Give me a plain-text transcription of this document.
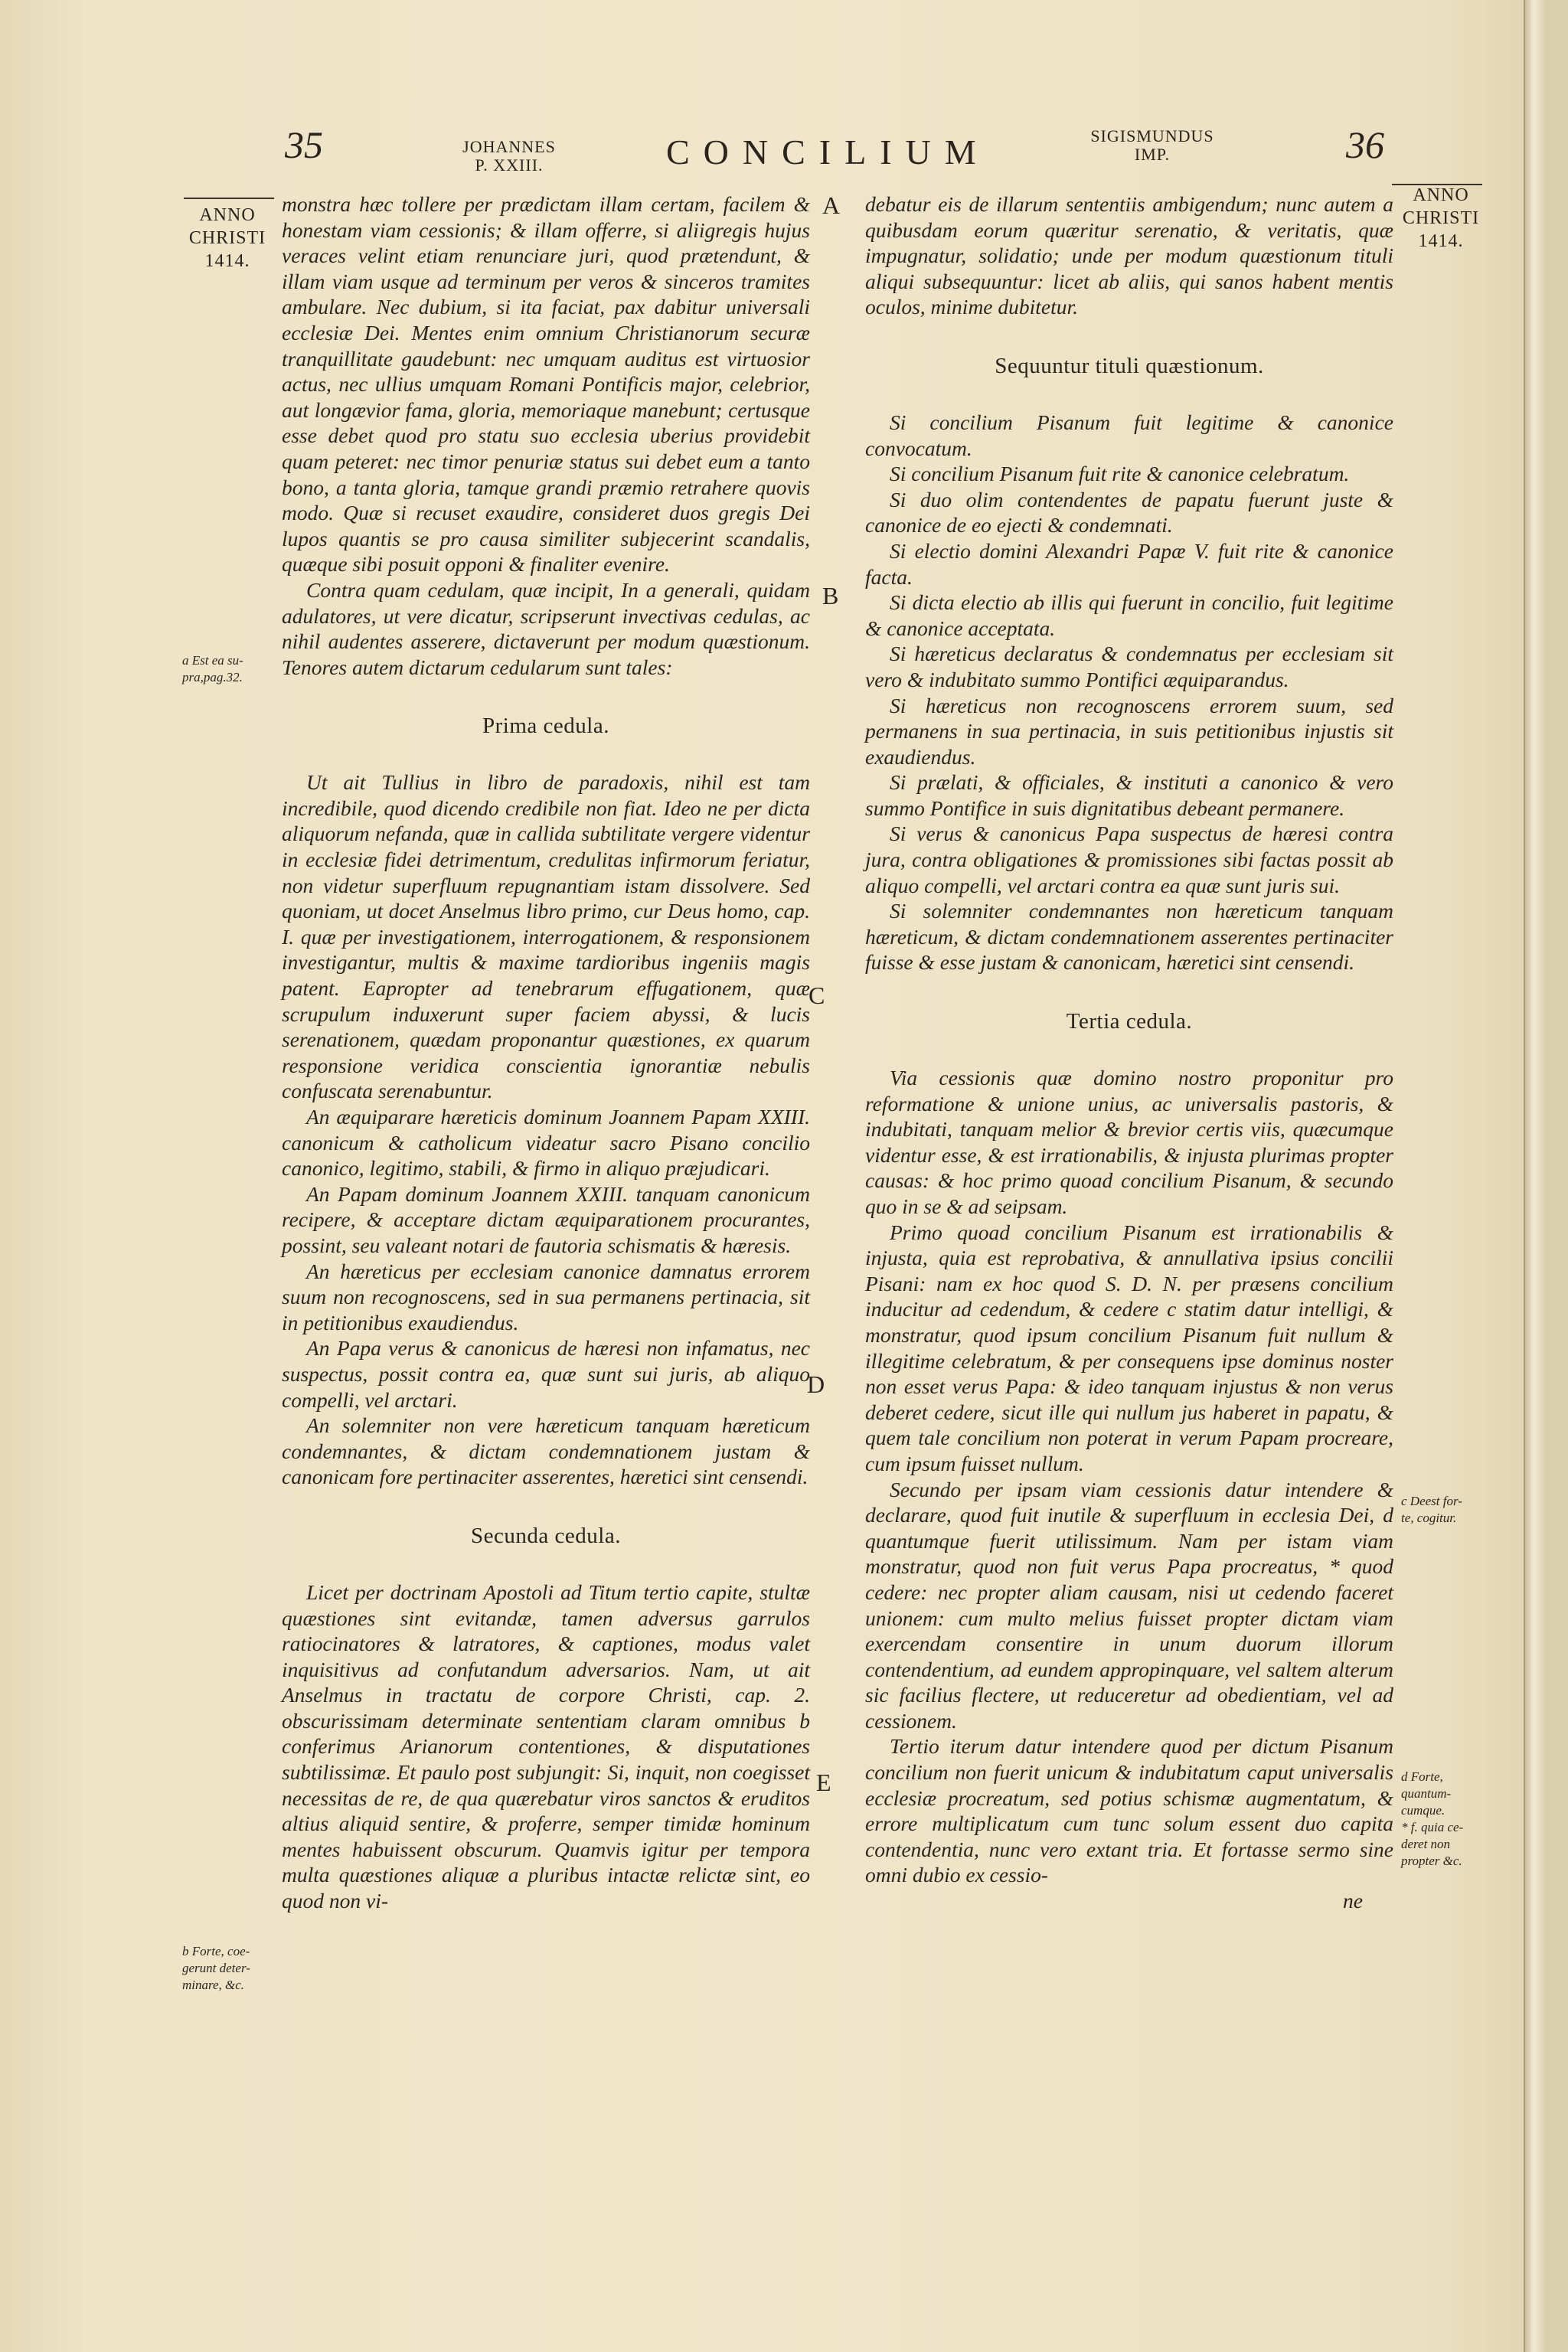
35	JOHANNES
P. XXIII.	CONCILIUM	SIGISMUNDUS
IMP.	36
ANNO
CHRISTI
1414.
ANNO
CHRISTI
1414.
A
B
C
D
E
a Est ea su-
pra,pag.32.
b Forte, coe-
gerunt deter-
minare, &c.
c Deest for-
te, cogitur.
d Forte,
quantum-
cumque.
* f. quia ce-
deret non
propter &c.

monstra hæc tollere per prædictam illam certam, facilem & honestam viam cessionis; & illam offerre, si aliigregis hujus veraces velint etiam renunciare juri, quod prætendunt, & illam viam usque ad terminum per veros & sinceros tramites ambulare. Nec dubium, si ita faciat, pax dabitur universali ecclesiæ Dei. Mentes enim omnium Christianorum securæ tranquillitate gaudebunt: nec umquam auditus est virtuosior actus, nec ullius umquam Romani Pontificis major, celebrior, aut longævior fama, gloria, memoriaque manebunt; certusque esse debet quod pro statu suo ecclesia uberius providebit quam peteret: nec timor penuriæ status sui debet eum a tanto bono, a tanta gloria, tamque grandi præmio retrahere quovis modo. Quæ si recuset exaudire, consideret duos gregis Dei lupos quantis se pro causa similiter subjecerint scandalis, quæque sibi posuit opponi & finaliter evenire.

Contra quam cedulam, quæ incipit, In a generali, quidam adulatores, ut vere dicatur, scripserunt invectivas cedulas, ac nihil audentes asserere, dictaverunt per modum quæstionum. Tenores autem dictarum cedularum sunt tales:

Prima cedula.

Ut ait Tullius in libro de paradoxis, nihil est tam incredibile, quod dicendo credibile non fiat. Ideo ne per dicta aliquorum nefanda, quæ in callida subtilitate vergere videntur in ecclesiæ fidei detrimentum, credulitas infirmorum feriatur, non videtur superfluum repugnantiam istam dissolvere. Sed quoniam, ut docet Anselmus libro primo, cur Deus homo, cap. I. quæ per investigationem, interrogationem, & responsionem investigantur, multis & maxime tardioribus ingeniis magis patent. Eapropter ad tenebrarum effugationem, quæ scrupulum induxerunt super faciem abyssi, & lucis serenationem, quædam proponantur quæstiones, ex quarum responsione veridica conscientia ignorantiæ nebulis confuscata serenabuntur.

An æquiparare hæreticis dominum Joannem Papam XXIII. canonicum & catholicum videatur sacro Pisano concilio canonico, legitimo, stabili, & firmo in aliquo præjudicari.

An Papam dominum Joannem XXIII. tanquam canonicum recipere, & acceptare dictam æquiparationem procurantes, possint, seu valeant notari de fautoria schismatis & hæresis.

An hæreticus per ecclesiam canonice damnatus errorem suum non recognoscens, sed in sua permanens pertinacia, sit in petitionibus exaudiendus.

An Papa verus & canonicus de hæresi non infamatus, nec suspectus, possit contra ea, quæ sunt sui juris, ab aliquo compelli, vel arctari.

An solemniter non vere hæreticum tanquam hæreticum condemnantes, & dictam condemnationem justam & canonicam fore pertinaciter asserentes, hæretici sint censendi.

Secunda cedula.

Licet per doctrinam Apostoli ad Titum tertio capite, stultæ quæstiones sint evitandæ, tamen adversus garrulos ratiocinatores & latratores, & captiones, modus valet inquisitivus ad confutandum adversarios. Nam, ut ait Anselmus in tractatu de corpore Christi, cap. 2. obscurissimam determinate sententiam claram omnibus b conferimus Arianorum contentiones, & disputationes subtilissimæ. Et paulo post subjungit: Si, inquit, non coegisset necessitas de re, de qua quærebatur viros sanctos & eruditos altius aliquid sentire, & proferre, semper timidæ hominum mentes habuissent obscurum. Quamvis igitur per tempora multa quæstiones aliquæ a pluribus intactæ relictæ sint, eo quod non vi-

debatur eis de illarum sententiis ambigendum; nunc autem a quibusdam eorum quæritur serenatio, & veritatis, quæ impugnatur, solidatio; unde per modum quæstionum tituli aliqui subsequuntur: licet ab aliis, qui sanos habent mentis oculos, minime dubitetur.

Sequuntur tituli quæstionum.

Si concilium Pisanum fuit legitime & canonice convocatum.

Si concilium Pisanum fuit rite & canonice celebratum.

Si duo olim contendentes de papatu fuerunt juste & canonice de eo ejecti & condemnati.

Si electio domini Alexandri Papæ V. fuit rite & canonice facta.

Si dicta electio ab illis qui fuerunt in concilio, fuit legitime & canonice acceptata.

Si hæreticus declaratus & condemnatus per ecclesiam sit vero & indubitato summo Pontifici æquiparandus.

Si hæreticus non recognoscens errorem suum, sed permanens in sua pertinacia, in suis petitionibus injustis sit exaudiendus.

Si prælati, & officiales, & instituti a canonico & vero summo Pontifice in suis dignitatibus debeant permanere.

Si verus & canonicus Papa suspectus de hæresi contra jura, contra obligationes & promissiones sibi factas possit ab aliquo compelli, vel arctari contra ea quæ sunt juris sui.

Si solemniter condemnantes non hæreticum tanquam hæreticum, & dictam condemnationem asserentes pertinaciter fuisse & esse justam & canonicam, hæretici sint censendi.

Tertia cedula.

Via cessionis quæ domino nostro proponitur pro reformatione & unione unius, ac universalis pastoris, & indubitati, tanquam melior & brevior certis viis, quæcumque videntur esse, & est irrationabilis, & injusta plurimas propter causas: & hoc primo quoad concilium Pisanum, & secundo quo in se & ad seipsam.

Primo quoad concilium Pisanum est irrationabilis & injusta, quia est reprobativa, & annullativa ipsius concilii Pisani: nam ex hoc quod S. D. N. per præsens concilium inducitur ad cedendum, & cedere c statim datur intelligi, & monstratur, quod ipsum concilium Pisanum fuit nullum & illegitime celebratum, & per consequens ipse dominus noster non esset verus Papa: & ideo tanquam injustus & non verus deberet cedere, sicut ille qui nullum jus haberet in papatu, & quem tale concilium non poterat in verum Papam procreare, cum ipsum fuisset nullum.

Secundo per ipsam viam cessionis datur intendere & declarare, quod fuit inutile & superfluum in ecclesia Dei, d quantumque fuerit utilissimum. Nam per istam viam monstratur, quod non fuit verus Papa procreatus, * quod cedere: nec propter aliam causam, nisi ut cedendo faceret unionem: cum multo melius fuisset propter dictam viam exercendam consentire in unum duorum illorum contendentium, ad eundem appropinquare, vel saltem alterum sic facilius flectere, ut reduceretur ad obedientiam, vel ad cessionem.

Tertio iterum datur intendere quod per dictum Pisanum concilium non fuerit unicum & indubitatum caput universalis ecclesiæ procreatum, sed potius schismæ augmentatum, & errore multiplicatum cum tunc solum essent duo capita contendentia, nunc vero extant tria. Et fortasse sermo sine omni dubio ex cessio-

ne
